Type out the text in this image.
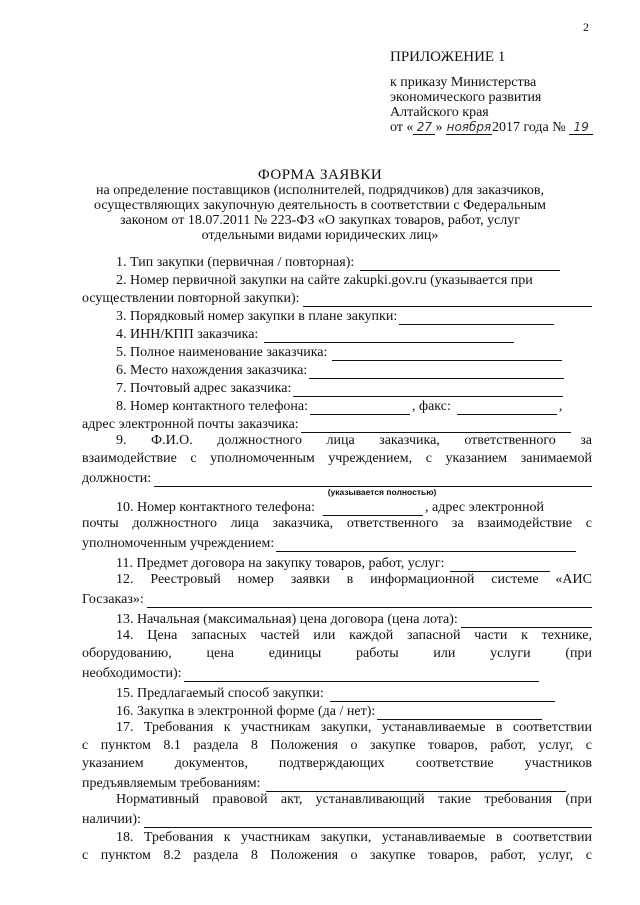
2
ПРИЛОЖЕНИЕ 1
к приказу Министерства
экономического развития
Алтайского края
от « 27 » ноября2017 года № 19
ФОРМА ЗАЯВКИ
на определение поставщиков (исполнителей, подрядчиков) для заказчиков,
осуществляющих закупочную деятельность в соответствии с Федеральным
законом от 18.07.2011 № 223-ФЗ «О закупках товаров, работ, услуг
отдельными видами юридических лиц»
1. Тип закупки (первичная / повторная):
2. Номер первичной закупки на сайте zakupki.gov.ru (указывается при
осуществлении повторной закупки):
3. Порядковый номер закупки в плане закупки:
4. ИНН/КПП заказчика:
5. Полное наименование заказчика:
6. Место нахождения заказчика:
7. Почтовый адрес заказчика:
8. Номер контактного телефона:	, факс:	,
адрес электронной почты заказчика:
9. Ф.И.О. должностного лица заказчика, ответственного за
взаимодействие с уполномоченным учреждением, с указанием занимаемой
должности:
(указывается полностью)
10. Номер контактного телефона:	, адрес электронной
почты должностного лица заказчика, ответственного за взаимодействие с
уполномоченным учреждением:
11. Предмет договора на закупку товаров, работ, услуг:
12. Реестровый номер заявки в информационной системе «АИС
Госзаказ»:
13. Начальная (максимальная) цена договора (цена лота):
14. Цена запасных частей или каждой запасной части к технике,
оборудованию, цена единицы работы или услуги (при
необходимости):
15. Предлагаемый способ закупки:
16. Закупка в электронной форме (да / нет):
17. Требования к участникам закупки, устанавливаемые в соответствии
с пунктом 8.1 раздела 8 Положения о закупке товаров, работ, услуг, с
указанием документов, подтверждающих соответствие участников
предъявляемым требованиям:
Нормативный правовой акт, устанавливающий такие требования (при
наличии):
18. Требования к участникам закупки, устанавливаемые в соответствии
с пунктом 8.2 раздела 8 Положения о закупке товаров, работ, услуг, с
